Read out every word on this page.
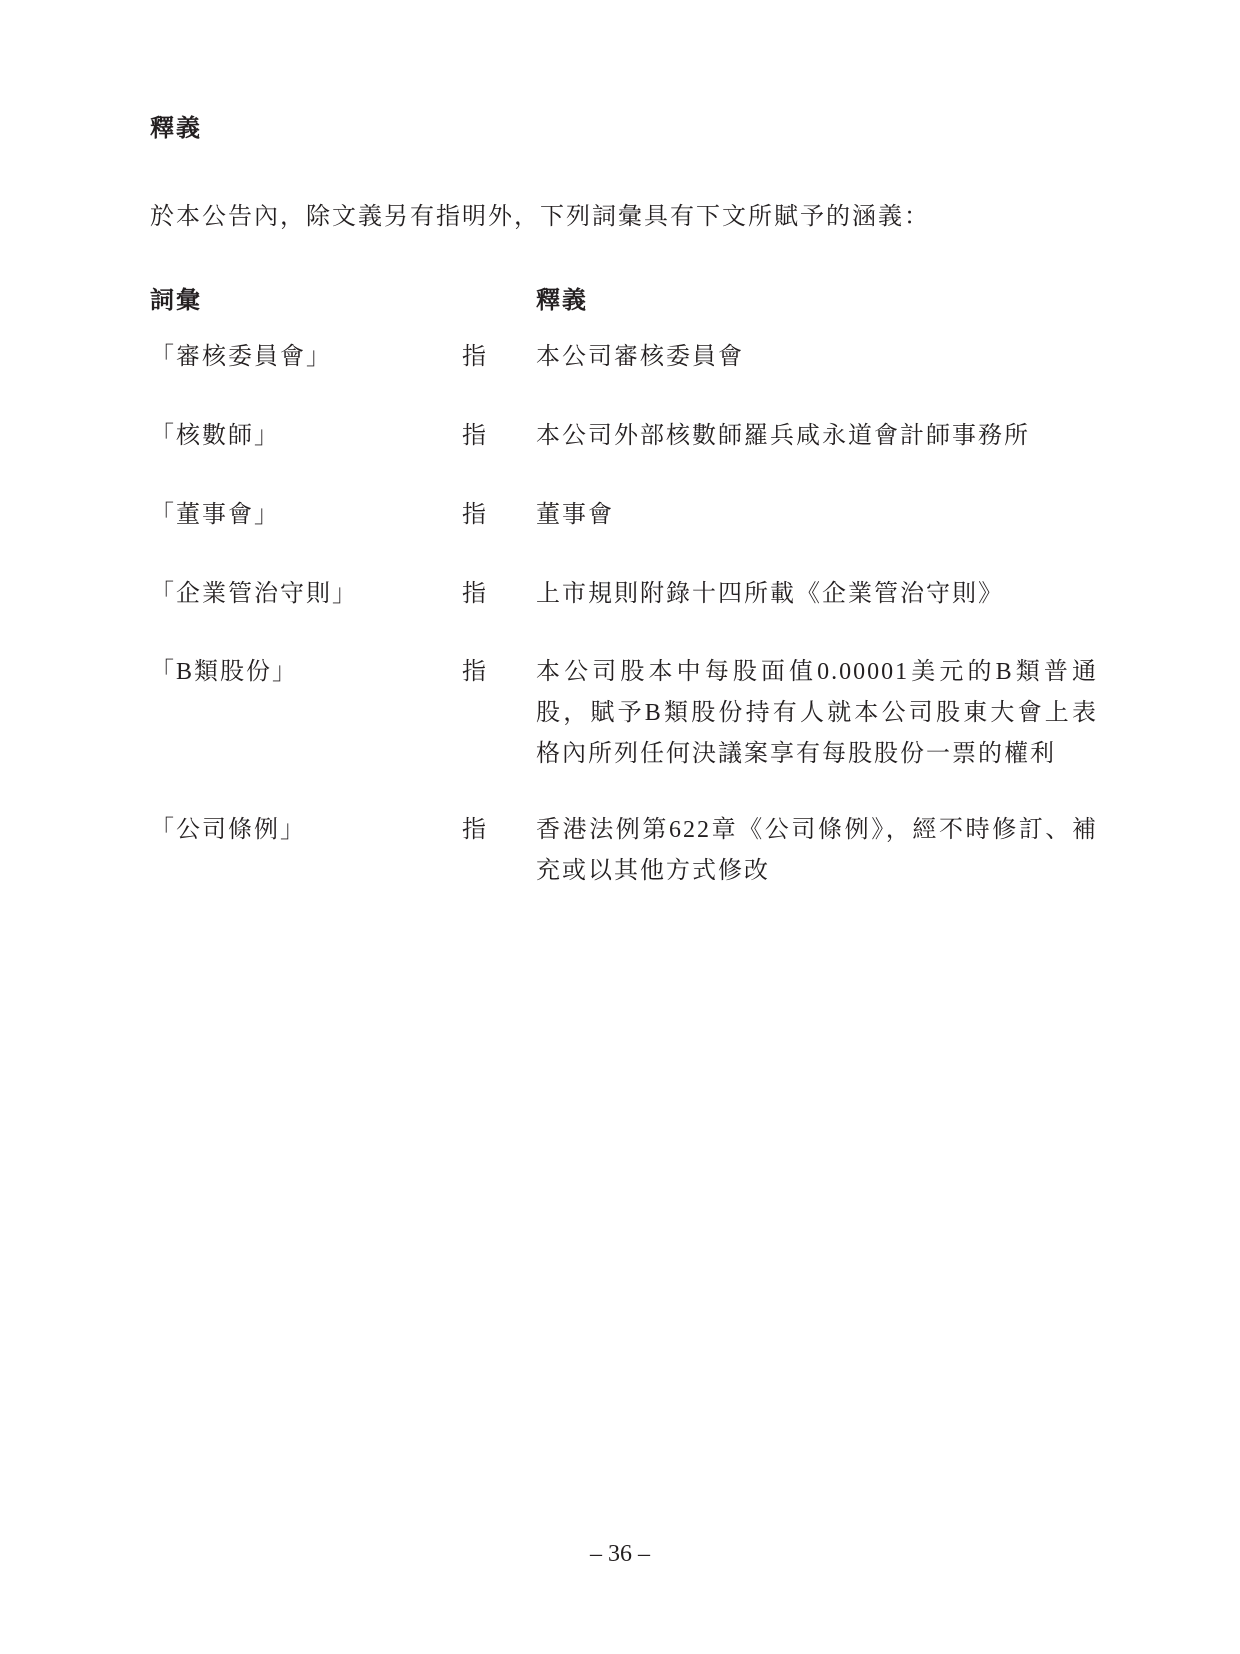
釋義
於本公告內，除文義另有指明外，下列詞彙具有下文所賦予的涵義：
詞彙	釋義
「審核委員會」	指 本公司審核委員會
「核數師」	指 本公司外部核數師羅兵咸永道會計師事務所
「董事會」	指 董事會
「企業管治守則」	指 上市規則附錄十四所載《企業管治守則》
「B類股份」	指 本公司股本中每股面值0.00001美元的B類普通
股，賦予B類股份持有人就本公司股東大會上表
格內所列任何決議案享有每股股份一票的權利
「公司條例」	指 香港法例第622章《公司條例》，經不時修訂、補
充或以其他方式修改
– 36 –
